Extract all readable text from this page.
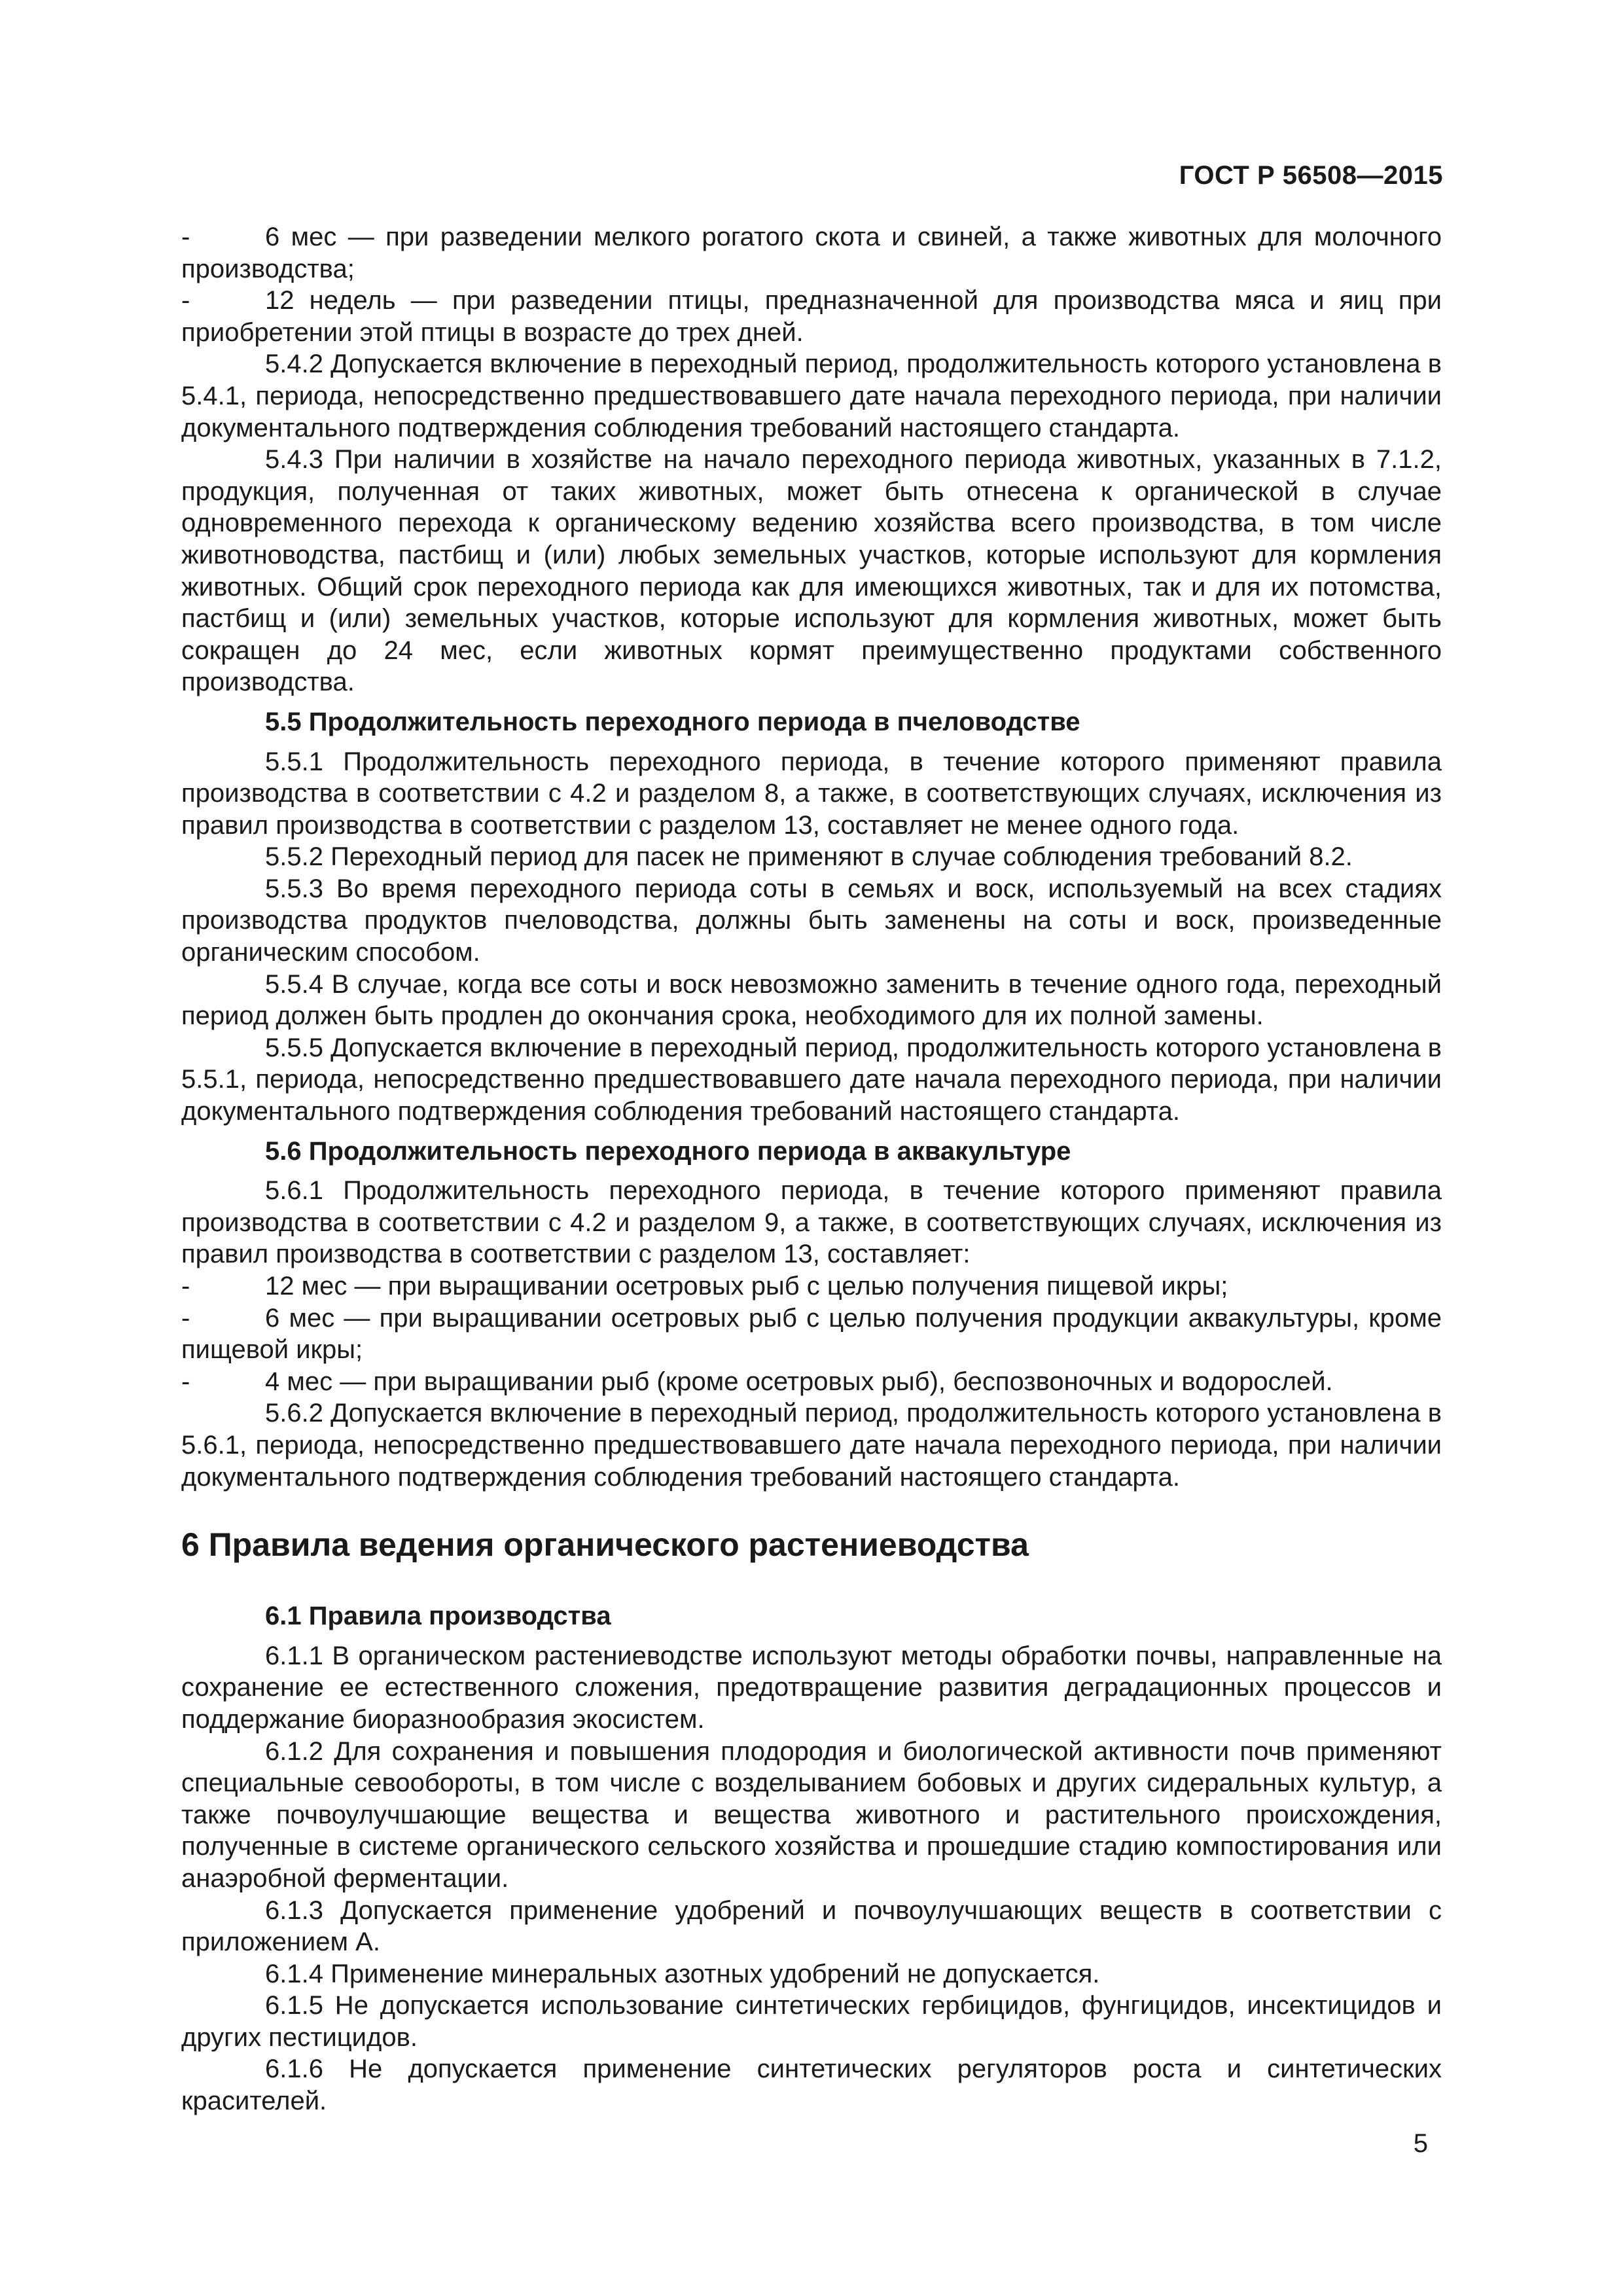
ГОСТ Р 56508—2015

-	6 мес — при разведении мелкого рогатого скота и свиней, а также животных для молочного производства;

-	12 недель — при разведении птицы, предназначенной для производства мяса и яиц при приобретении этой птицы в возрасте до трех дней.

5.4.2 Допускается включение в переходный период, продолжительность которого установлена в 5.4.1, периода, непосредственно предшествовавшего дате начала переходного периода, при наличии документального подтверждения соблюдения требований настоящего стандарта.

5.4.3 При наличии в хозяйстве на начало переходного периода животных, указанных в 7.1.2, продукция, полученная от таких животных, может быть отнесена к органической в случае одновременного перехода к органическому ведению хозяйства всего производства, в том числе животноводства, пастбищ и (или) любых земельных участков, которые используют для кормления животных. Общий срок переходного периода как для имеющихся животных, так и для их потомства, пастбищ и (или) земельных участков, которые используют для кормления животных, может быть сокращен до 24 мес, если животных кормят преимущественно продуктами собственного производства.

5.5 Продолжительность переходного периода в пчеловодстве

5.5.1 Продолжительность переходного периода, в течение которого применяют правила производства в соответствии с 4.2 и разделом 8, а также, в соответствующих случаях, исключения из правил производства в соответствии с разделом 13, составляет не менее одного года.

5.5.2 Переходный период для пасек не применяют в случае соблюдения требований 8.2.

5.5.3 Во время переходного периода соты в семьях и воск, используемый на всех стадиях производства продуктов пчеловодства, должны быть заменены на соты и воск, произведенные органическим способом.

5.5.4 В случае, когда все соты и воск невозможно заменить в течение одного года, переходный период должен быть продлен до окончания срока, необходимого для их полной замены.

5.5.5 Допускается включение в переходный период, продолжительность которого установлена в 5.5.1, периода, непосредственно предшествовавшего дате начала переходного периода, при наличии документального подтверждения соблюдения требований настоящего стандарта.

5.6 Продолжительность переходного периода в аквакультуре

5.6.1 Продолжительность переходного периода, в течение которого применяют правила производства в соответствии с 4.2 и разделом 9, а также, в соответствующих случаях, исключения из правил производства в соответствии с разделом 13, составляет:

-	12 мес — при выращивании осетровых рыб с целью получения пищевой икры;

-	6 мес — при выращивании осетровых рыб с целью получения продукции аквакультуры, кроме пищевой икры;

-	4 мес — при выращивании рыб (кроме осетровых рыб), беспозвоночных и водорослей.

5.6.2 Допускается включение в переходный период, продолжительность которого установлена в 5.6.1, периода, непосредственно предшествовавшего дате начала переходного периода, при наличии документального подтверждения соблюдения требований настоящего стандарта.

6 Правила ведения органического растениеводства
6.1 Правила производства

6.1.1 В органическом растениеводстве используют методы обработки почвы, направленные на сохранение ее естественного сложения, предотвращение развития деградационных процессов и поддержание биоразнообразия экосистем.

6.1.2 Для сохранения и повышения плодородия и биологической активности почв применяют специальные севообороты, в том числе с возделыванием бобовых и других сидеральных культур, а также почвоулучшающие вещества и вещества животного и растительного происхождения, полученные в системе органического сельского хозяйства и прошедшие стадию компостирования или анаэробной ферментации.

6.1.3 Допускается применение удобрений и почвоулучшающих веществ в соответствии с приложением А.

6.1.4 Применение минеральных азотных удобрений не допускается.

6.1.5 Не допускается использование синтетических гербицидов, фунгицидов, инсектицидов и других пестицидов.

6.1.6 Не допускается применение синтетических регуляторов роста и синтетических красителей.

5
